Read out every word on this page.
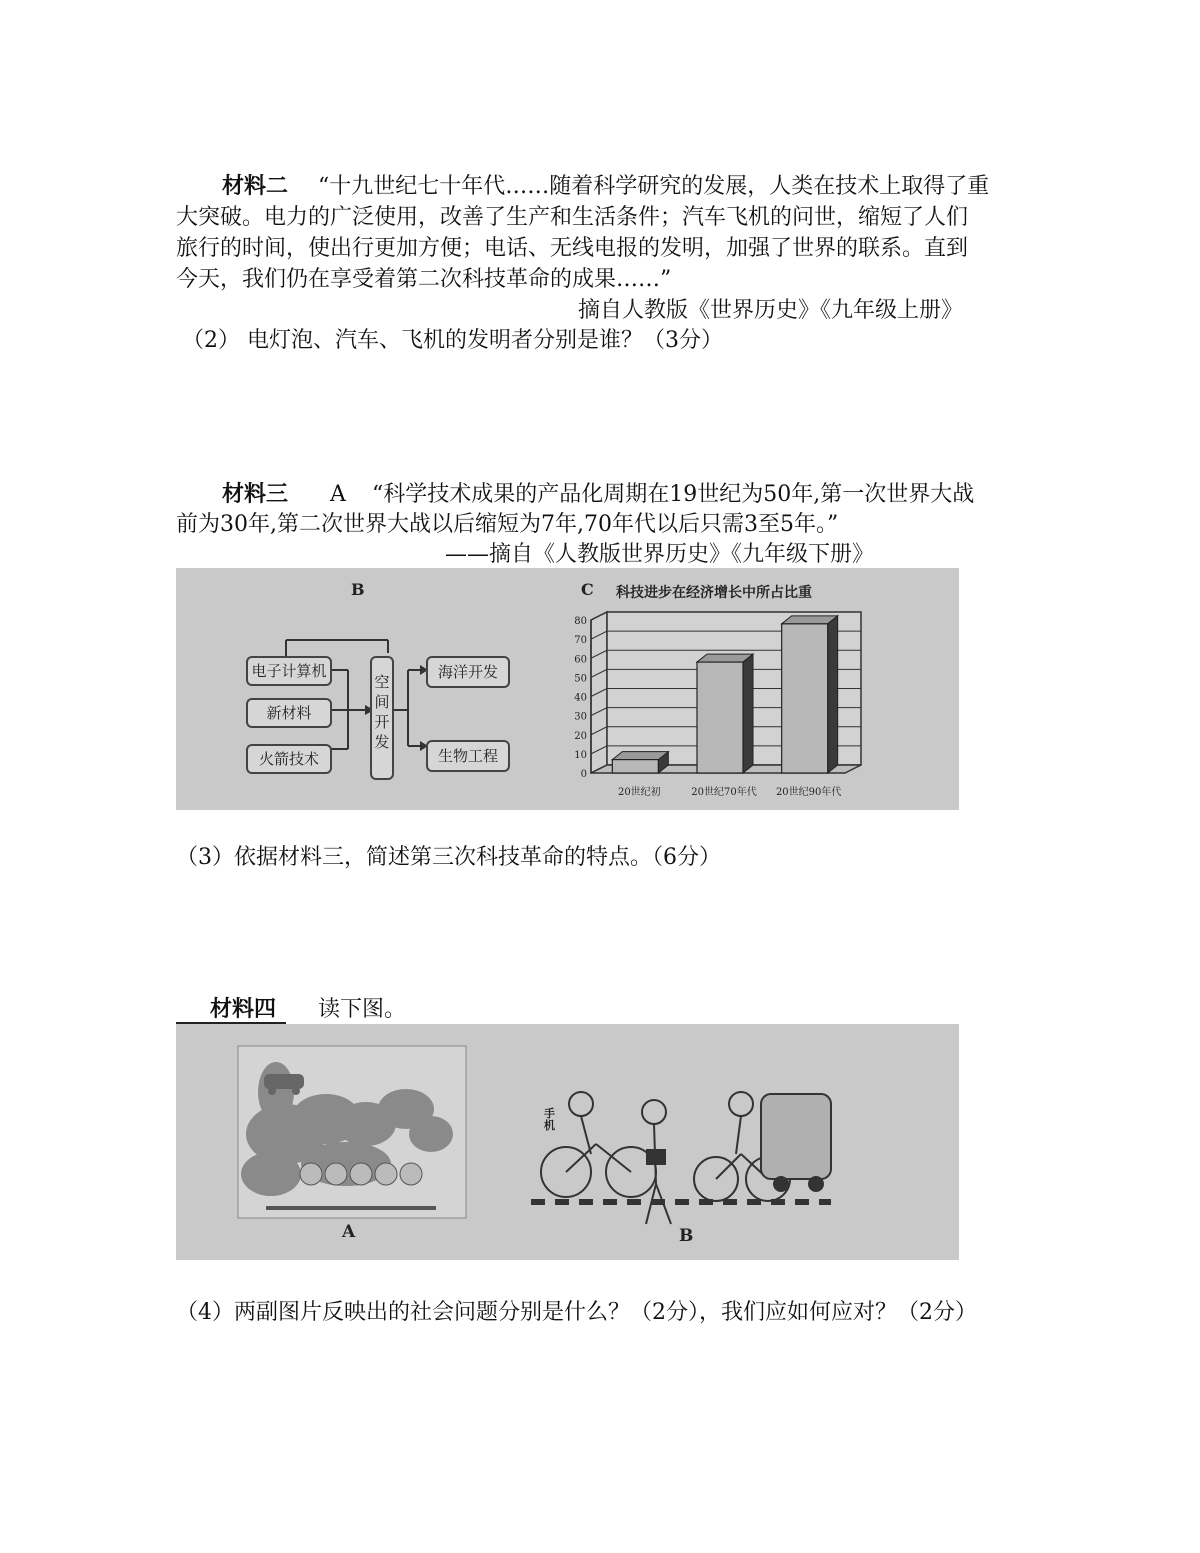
材料二 “十九世纪七十年代……随着科学研究的发展，人类在技术上取得了重
大突破。电力的广泛使用，改善了生产和生活条件；汽车飞机的问世，缩短了人们
旅行的时间，使出行更加方便；电话、无线电报的发明，加强了世界的联系。直到
今天，我们仍在享受着第二次科技革命的成果……”
摘自人教版《世界历史》《九年级上册》
（2） 电灯泡、汽车、飞机的发明者分别是谁？（3分）
材料三 A “科学技术成果的产品化周期在19世纪为50年,第一次世界大战
前为30年,第二次世界大战以后缩短为7年,70年代以后只需3至5年。”
——摘自《人教版世界历史》《九年级下册》
B
电子计算机
新材料
火箭技术
空间开发
海洋开发
生物工程
C 科技进步在经济增长中所占比重
0
10
20
30
40
50
60
70
80
20世纪初	20世纪70年代 20世纪90年代
（3）依据材料三，简述第三次科技革命的特点。（6分）
材料四 读下图。
A
手机
B
（4）两副图片反映出的社会问题分别是什么？（2分），我们应如何应对？（2分）
